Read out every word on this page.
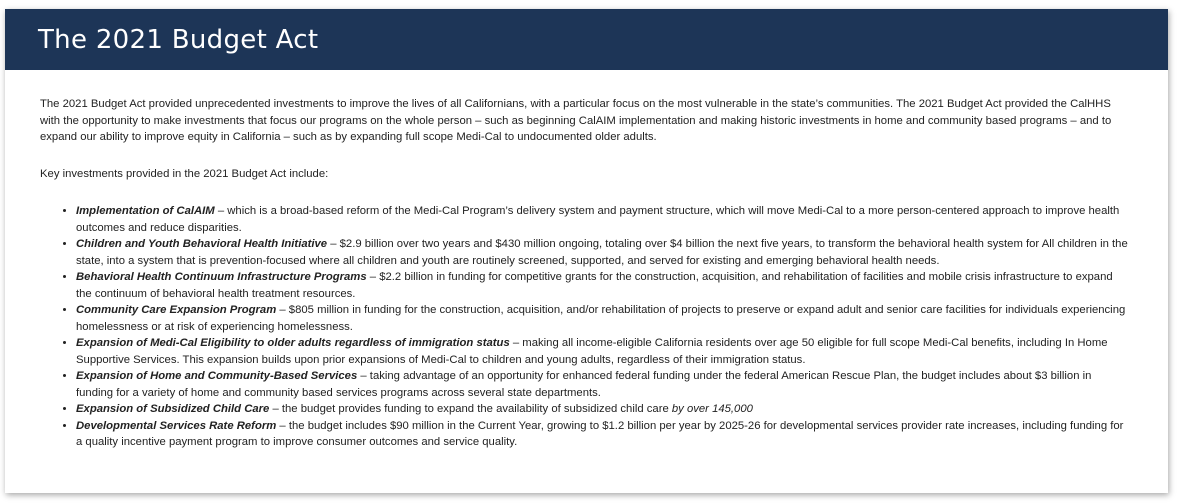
The 2021 Budget Act

The 2021 Budget Act provided unprecedented investments to improve the lives of all Californians, with a particular focus on the most vulnerable in the state’s communities. The 2021 Budget Act provided the CalHHS with the opportunity to make investments that focus our programs on the whole person – such as beginning CalAIM implementation and making historic investments in home and community based programs – and to expand our ability to improve equity in California – such as by expanding full scope Medi-Cal to undocumented older adults.

Key investments provided in the 2021 Budget Act include:

• Implementation of CalAIM – which is a broad-based reform of the Medi-Cal Program’s delivery system and payment structure, which will move Medi-Cal to a more person-centered approach to improve health outcomes and reduce disparities.
• Children and Youth Behavioral Health Initiative – $2.9 billion over two years and $430 million ongoing, totaling over $4 billion the next five years, to transform the behavioral health system for All children in the state, into a system that is prevention-focused where all children and youth are routinely screened, supported, and served for existing and emerging behavioral health needs.
• Behavioral Health Continuum Infrastructure Programs – $2.2 billion in funding for competitive grants for the construction, acquisition, and rehabilitation of facilities and mobile crisis infrastructure to expand the continuum of behavioral health treatment resources.
• Community Care Expansion Program – $805 million in funding for the construction, acquisition, and/or rehabilitation of projects to preserve or expand adult and senior care facilities for individuals experiencing homelessness or at risk of experiencing homelessness.
• Expansion of Medi-Cal Eligibility to older adults regardless of immigration status – making all income-eligible California residents over age 50 eligible for full scope Medi-Cal benefits, including In Home Supportive Services. This expansion builds upon prior expansions of Medi-Cal to children and young adults, regardless of their immigration status.
• Expansion of Home and Community-Based Services – taking advantage of an opportunity for enhanced federal funding under the federal American Rescue Plan, the budget includes about $3 billion in funding for a variety of home and community based services programs across several state departments.
• Expansion of Subsidized Child Care – the budget provides funding to expand the availability of subsidized child care by over 145,000
• Developmental Services Rate Reform – the budget includes $90 million in the Current Year, growing to $1.2 billion per year by 2025-26 for developmental services provider rate increases, including funding for a quality incentive payment program to improve consumer outcomes and service quality.
